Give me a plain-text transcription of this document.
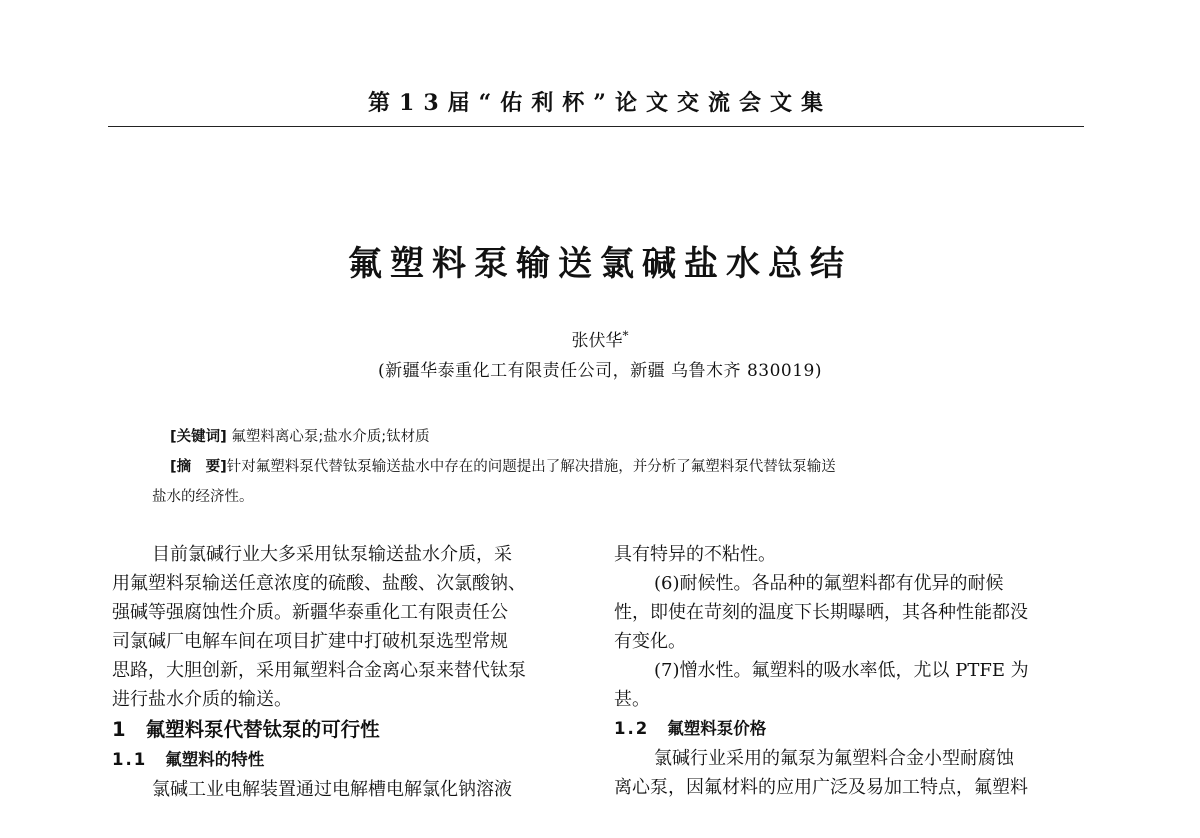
第13届“佑利杯”论文交流会文集
氟塑料泵输送氯碱盐水总结
张伏华*
(新疆华泰重化工有限责任公司，新疆 乌鲁木齐 830019)
[关键词] 氟塑料离心泵;盐水介质;钛材质
[摘　要]针对氟塑料泵代替钛泵输送盐水中存在的问题提出了解决措施，并分析了氟塑料泵代替钛泵输送
盐水的经济性。
目前氯碱行业大多采用钛泵输送盐水介质，采
用氟塑料泵输送任意浓度的硫酸、盐酸、次氯酸钠、
强碱等强腐蚀性介质。新疆华泰重化工有限责任公
司氯碱厂电解车间在项目扩建中打破机泵选型常规
思路，大胆创新，采用氟塑料合金离心泵来替代钛泵
进行盐水介质的输送。
1 氟塑料泵代替钛泵的可行性
1.1 氟塑料的特性
氯碱工业电解装置通过电解槽电解氯化钠溶液
具有特异的不粘性。
(6)耐候性。各品种的氟塑料都有优异的耐候
性，即使在苛刻的温度下长期曝晒，其各种性能都没
有变化。
(7)憎水性。氟塑料的吸水率低，尤以 PTFE 为
甚。
1.2 氟塑料泵价格
氯碱行业采用的氟泵为氟塑料合金小型耐腐蚀
离心泵，因氟材料的应用广泛及易加工特点，氟塑料
